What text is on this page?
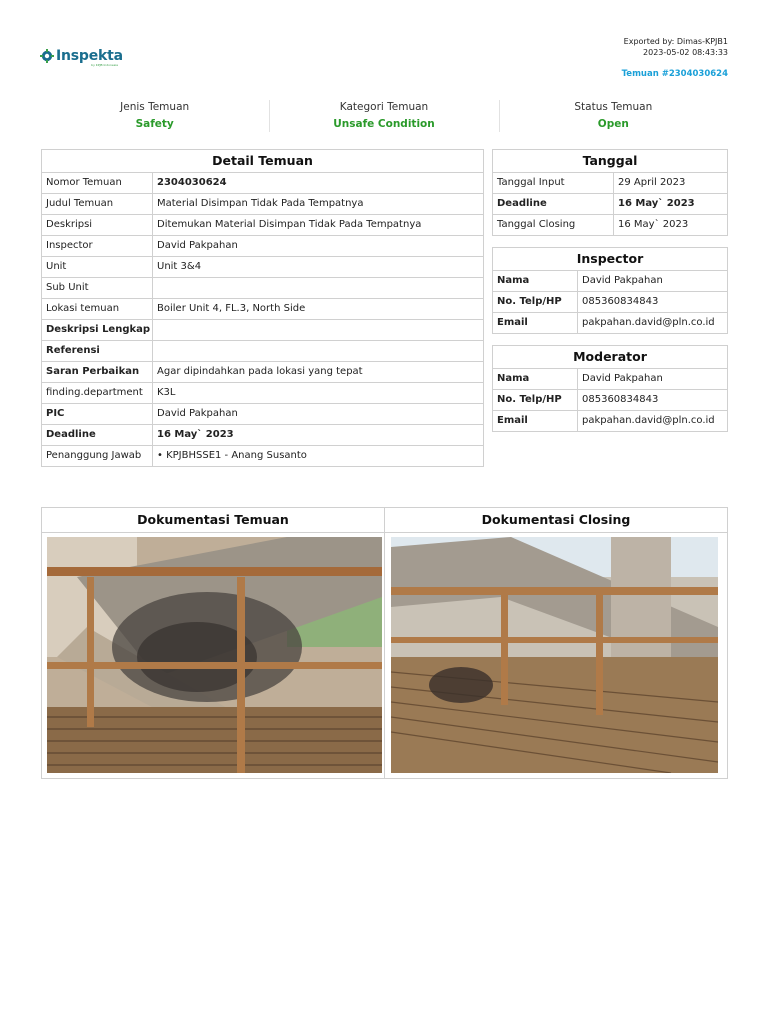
Inspekta
by KPJB Indonesia
Exported by: Dimas-KPJB1
2023-05-02 08:43:33
Temuan #2304030624
Jenis Temuan
Safety
Kategori Temuan
Unsafe Condition
Status Temuan
Open
Detail Temuan	
Nomor Temuan	2304030624
Judul Temuan	Material Disimpan Tidak Pada Tempatnya
Deskripsi	Ditemukan Material Disimpan Tidak Pada Tempatnya
Inspector	David Pakpahan
Unit	Unit 3&4
Sub Unit	
Lokasi temuan	Boiler Unit 4, FL.3, North Side
Deskripsi Lengkap	
Referensi	
Saran Perbaikan	Agar dipindahkan pada lokasi yang tepat
finding.department	K3L
PIC	David Pakpahan
Deadline	16 May` 2023
Penanggung Jawab	• KPJBHSSE1 - Anang Susanto
Tanggal	
Tanggal Input	29 April 2023
Deadline	16 May` 2023
Tanggal Closing	16 May` 2023
Inspector	
Nama	David Pakpahan
No. Telp/HP	085360834843
Email	pakpahan.david@pln.co.id
Moderator	
Nama	David Pakpahan
No. Telp/HP	085360834843
Email	pakpahan.david@pln.co.id
Dokumentasi Temuan	Dokumentasi Closing
